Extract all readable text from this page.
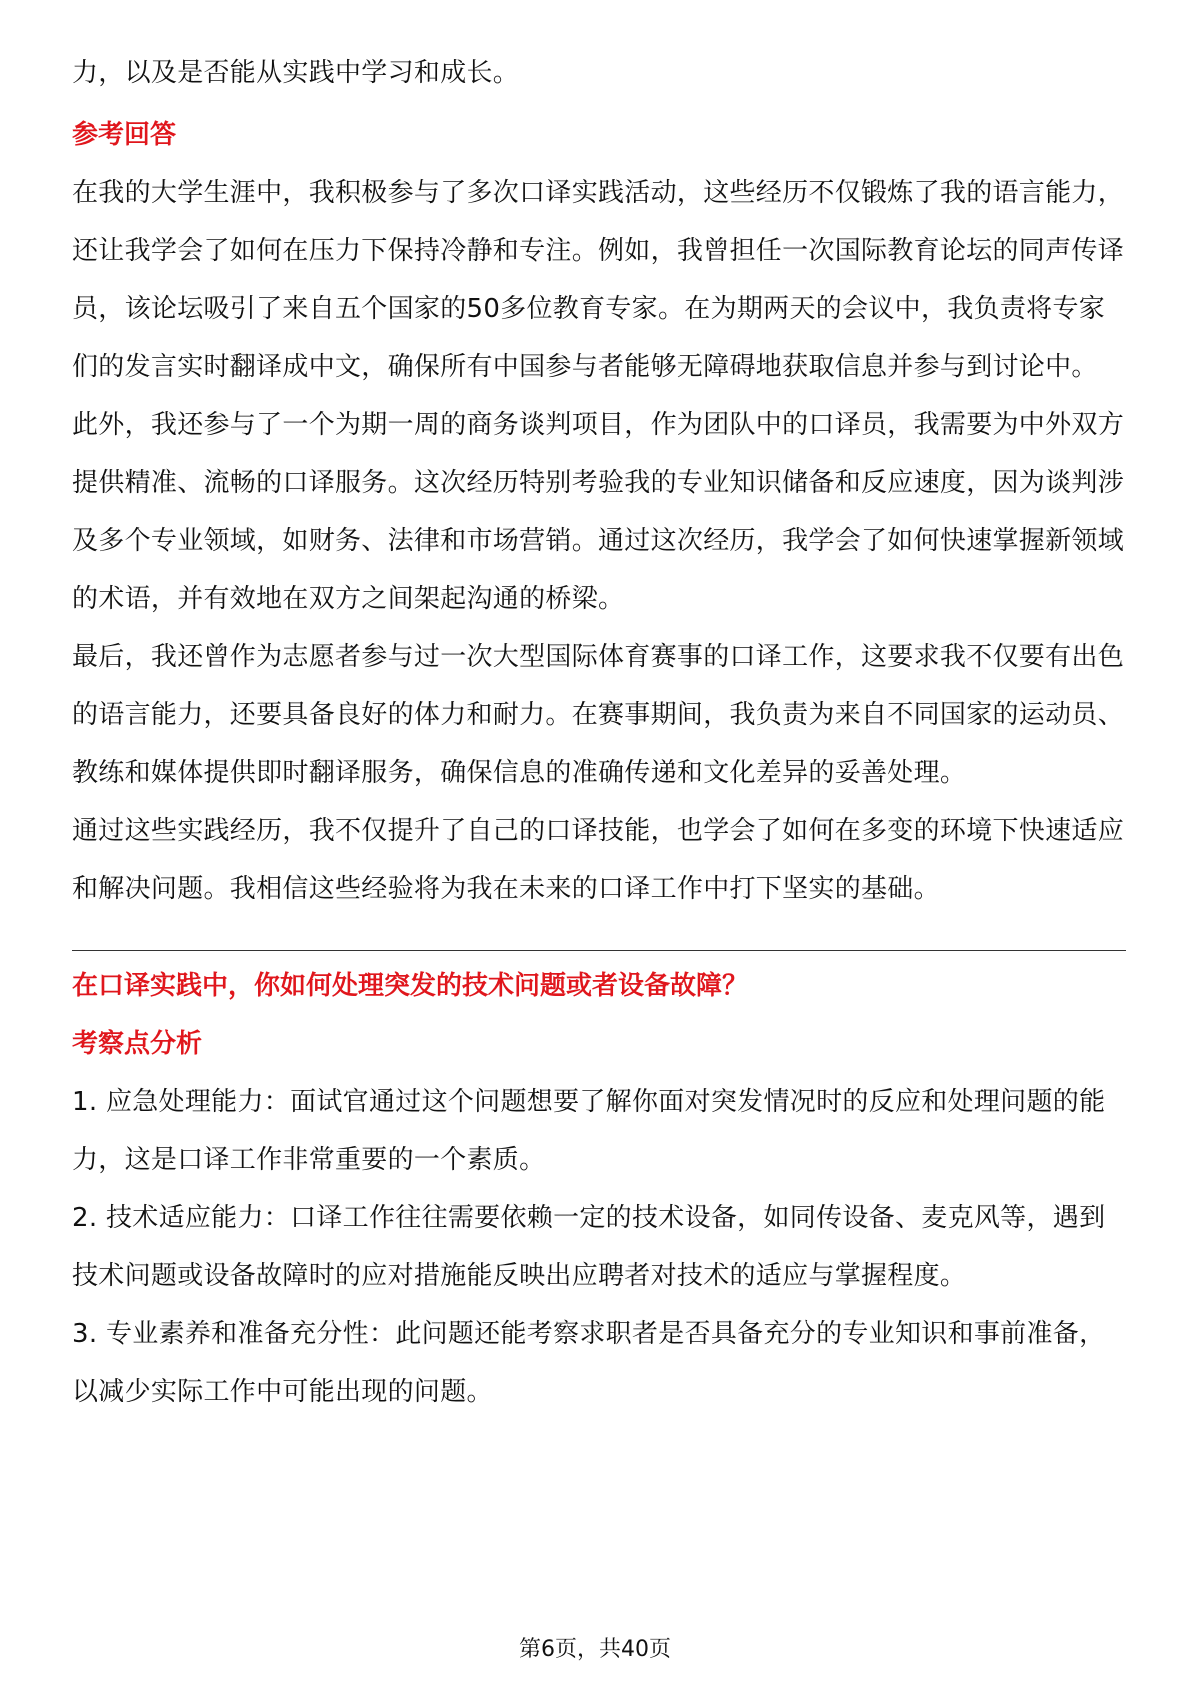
力，以及是否能从实践中学习和成长。

参考回答

在我的大学生涯中，我积极参与了多次口译实践活动，这些经历不仅锻炼了我的语言能力，还让我学会了如何在压力下保持冷静和专注。例如，我曾担任一次国际教育论坛的同声传译员，该论坛吸引了来自五个国家的50多位教育专家。在为期两天的会议中，我负责将专家们的发言实时翻译成中文，确保所有中国参与者能够无障碍地获取信息并参与到讨论中。

此外，我还参与了一个为期一周的商务谈判项目，作为团队中的口译员，我需要为中外双方提供精准、流畅的口译服务。这次经历特别考验我的专业知识储备和反应速度，因为谈判涉及多个专业领域，如财务、法律和市场营销。通过这次经历，我学会了如何快速掌握新领域的术语，并有效地在双方之间架起沟通的桥梁。

最后，我还曾作为志愿者参与过一次大型国际体育赛事的口译工作，这要求我不仅要有出色的语言能力，还要具备良好的体力和耐力。在赛事期间，我负责为来自不同国家的运动员、教练和媒体提供即时翻译服务，确保信息的准确传递和文化差异的妥善处理。

通过这些实践经历，我不仅提升了自己的口译技能，也学会了如何在多变的环境下快速适应和解决问题。我相信这些经验将为我在未来的口译工作中打下坚实的基础。

在口译实践中，你如何处理突发的技术问题或者设备故障？

考察点分析

1. 应急处理能力：面试官通过这个问题想要了解你面对突发情况时的反应和处理问题的能力，这是口译工作非常重要的一个素质。

2. 技术适应能力：口译工作往往需要依赖一定的技术设备，如同传设备、麦克风等，遇到技术问题或设备故障时的应对措施能反映出应聘者对技术的适应与掌握程度。

3. 专业素养和准备充分性：此问题还能考察求职者是否具备充分的专业知识和事前准备，以减少实际工作中可能出现的问题。

第6页，共40页
